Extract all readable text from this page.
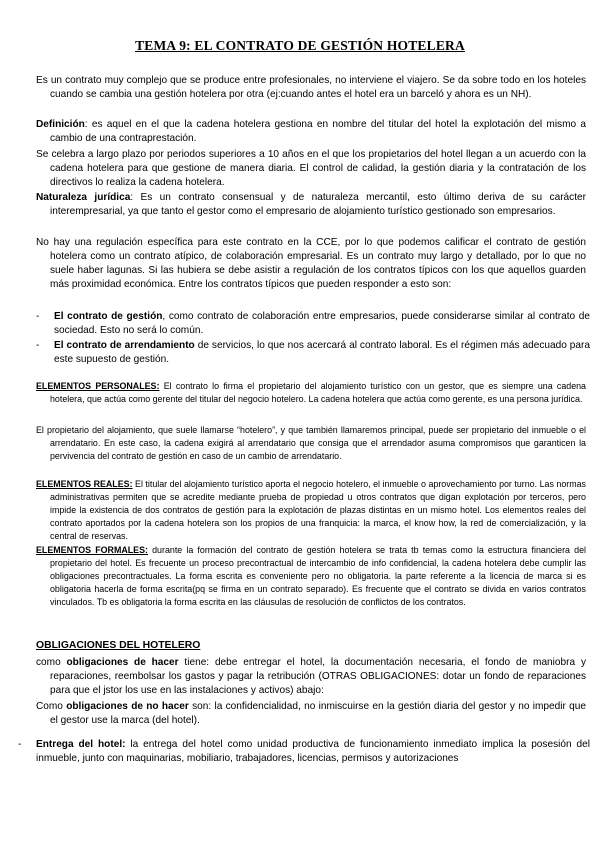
TEMA 9: EL CONTRATO DE GESTIÓN HOTELERA
Es un contrato muy complejo que se produce entre profesionales, no interviene el viajero. Se da sobre todo en los hoteles cuando se cambia una gestión hotelera por otra (ej:cuando antes el hotel era un barceló y ahora es un NH).
Definición: es aquel en el que la cadena hotelera gestiona en nombre del titular del hotel la explotación del mismo a cambio de una contraprestación.
Se celebra a largo plazo por periodos superiores a 10 años en el que los propietarios del hotel llegan a un acuerdo con la cadena hotelera para que gestione de manera diaria. El control de calidad, la gestión diaria y la contratación de los directivos lo realiza la cadena hotelera.
Naturaleza jurídica: Es un contrato consensual y de naturaleza mercantil, esto último deriva de su carácter interempresarial, ya que tanto el gestor como el empresario de alojamiento turístico gestionado son empresarios.
No hay una regulación específica para este contrato en la CCE, por lo que podemos calificar el contrato de gestión hotelera como un contrato atípico, de colaboración empresarial. Es un contrato muy largo y detallado, por lo que no suele haber lagunas. Si las hubiera se debe asistir a regulación de los contratos típicos con los que aquellos guarden más proximidad económica. Entre los contratos típicos que pueden responder a esto son:
- El contrato de gestión, como contrato de colaboración entre empresarios, puede considerarse similar al contrato de sociedad. Esto no será lo común.
- El contrato de arrendamiento de servicios, lo que nos acercará al contrato laboral. Es el régimen más adecuado para este supuesto de gestión.
ELEMENTOS PERSONALES: El contrato lo firma el propietario del alojamiento turístico con un gestor, que es siempre una cadena hotelera, que actúa como gerente del titular del negocio hotelero. La cadena hotelera que actúa como gerente, es una persona jurídica.
El propietario del alojamiento, que suele llamarse “hotelero”, y que también llamaremos principal, puede ser propietario del inmueble o el arrendatario. En este caso, la cadena exigirá al arrendatario que consiga que el arrendador asuma compromisos que garanticen la pervivencia del contrato de gestión en caso de un cambio de arrendatario.
ELEMENTOS REALES: El titular del alojamiento turístico aporta el negocio hotelero, el inmueble o aprovechamiento por turno. Las normas administrativas permiten que se acredite mediante prueba de propiedad u otros contratos que digan explotación por terceros, pero impide la existencia de dos contratos de gestión para la explotación de plazas distintas en un mismo hotel. Los elementos reales del contrato aportados por la cadena hotelera son los propios de una franquicia: la marca, el know how, la red de comercialización, y la central de reservas.
ELEMENTOS FORMALES: durante la formación del contrato de gestión hotelera se trata tb temas como la estructura financiera del propietario del hotel. Es frecuente un proceso precontractual de intercambio de info confidencial, la cadena hotelera debe cumplir las obligaciones precontractuales. La forma escrita es conveniente pero no obligatoria. la parte referente a la licencia de marca si es obligatoria hacerla de forma escrita(pq se firma en un contrato separado). Es frecuente que el contrato se divida en varios contratos vinculados. Tb es obligatoria la forma escrita en las cláusulas de resolución de conflictos de los contratos.
OBLIGACIONES DEL HOTELERO
como obligaciones de hacer tiene: debe entregar el hotel, la documentación necesaria, el fondo de maniobra y reparaciones, reembolsar los gastos y pagar la retribución (OTRAS OBLIGACIONES: dotar un fondo de reparaciones para que el jstor los use en las instalaciones y activos) abajo:
Como obligaciones de no hacer son: la confidencialidad, no inmiscuirse en la gestión diaria del gestor y no impedir que el gestor use la marca (del hotel).
- Entrega del hotel: la entrega del hotel como unidad productiva de funcionamiento inmediato implica la posesión del inmueble, junto con maquinarias, mobiliario, trabajadores, licencias, permisos y autorizaciones
